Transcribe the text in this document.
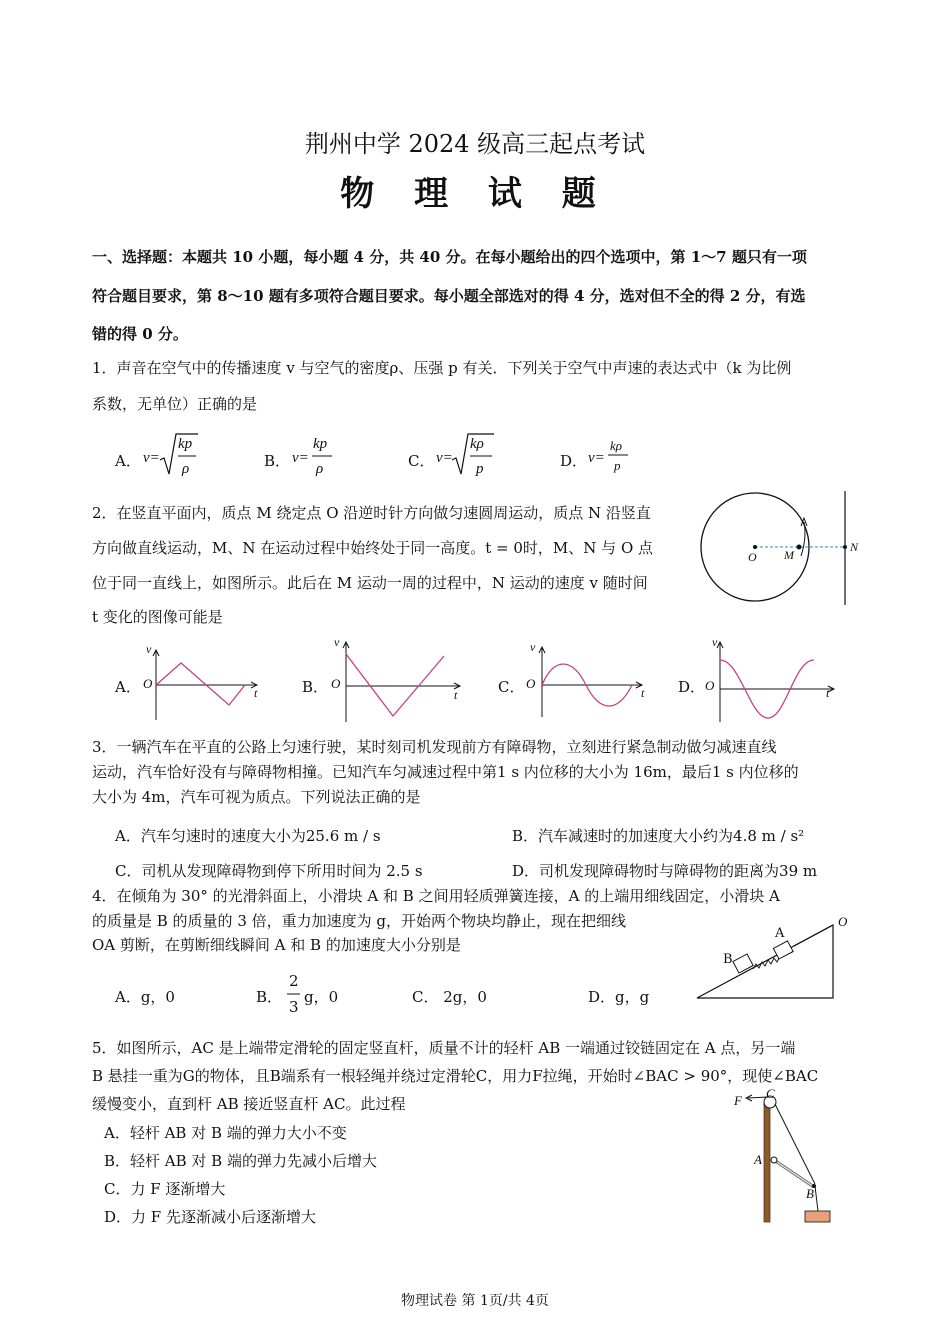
荆州中学 2024 级高三起点考试
物 理 试 题
一、选择题：本题共 10 小题，每小题 4 分，共 40 分。在每小题给出的四个选项中，第 1～7 题只有一项
符合题目要求，第 8～10 题有多项符合题目要求。每小题全部选对的得 4 分，选对但不全的得 2 分，有选
错的得 0 分。
1．声音在空气中的传播速度 v 与空气的密度ρ、压强 p 有关．下列关于空气中声速的表达式中（k 为比例
系数，无单位）正确的是
A． v=
kp
ρ	B． v=
kp
ρ	C． v=
kρ
p	D． v=
kρ
p
2．在竖直平面内，质点 M 绕定点 O 沿逆时针方向做匀速圆周运动，质点 N 沿竖直
方向做直线运动，M、N 在运动过程中始终处于同一高度。t = 0时，M、N 与 O 点
位于同一直线上，如图所示。此后在 M 运动一周的过程中，N 运动的速度 v 随时间
t 变化的图像可能是
O M
N
A．
v
O
t	B．
v
O
t	C．
v
O
t D．
v
O	t
3．一辆汽车在平直的公路上匀速行驶，某时刻司机发现前方有障碍物，立刻进行紧急制动做匀减速直线
运动，汽车恰好没有与障碍物相撞。已知汽车匀减速过程中第1 s 内位移的大小为 16m，最后1 s 内位移的
大小为 4m，汽车可视为质点。下列说法正确的是
A．汽车匀速时的速度大小为25.6 m / s	B．汽车减速时的加速度大小约为4.8 m / s²
C．司机从发现障碍物到停下所用时间为 2.5 s	D．司机发现障碍物时与障碍物的距离为39 m
4．在倾角为 30° 的光滑斜面上，小滑块 A 和 B 之间用轻质弹簧连接，A 的上端用细线固定，小滑块 A
的质量是 B 的质量的 3 倍，重力加速度为 g，开始两个物块均静止，现在把细线
OA 剪断，在剪断细线瞬间 A 和 B 的加速度大小分别是
A．g，0	B．
2
3
g，0	C． 2g，0	D．g，g
A
B
O
5．如图所示，AC 是上端带定滑轮的固定竖直杆，质量不计的轻杆 AB 一端通过铰链固定在 A 点，另一端
B 悬挂一重为G的物体，且B端系有一根轻绳并绕过定滑轮C，用力F拉绳，开始时∠BAC > 90°，现使∠BAC
缓慢变小，直到杆 AB 接近竖直杆 AC。此过程
A．轻杆 AB 对 B 端的弹力大小不变
B．轻杆 AB 对 B 端的弹力先减小后增大
C．力 F 逐渐增大
D．力 F 先逐渐减小后逐渐增大
F C
A
B
物理试卷 第 1页/共 4页
